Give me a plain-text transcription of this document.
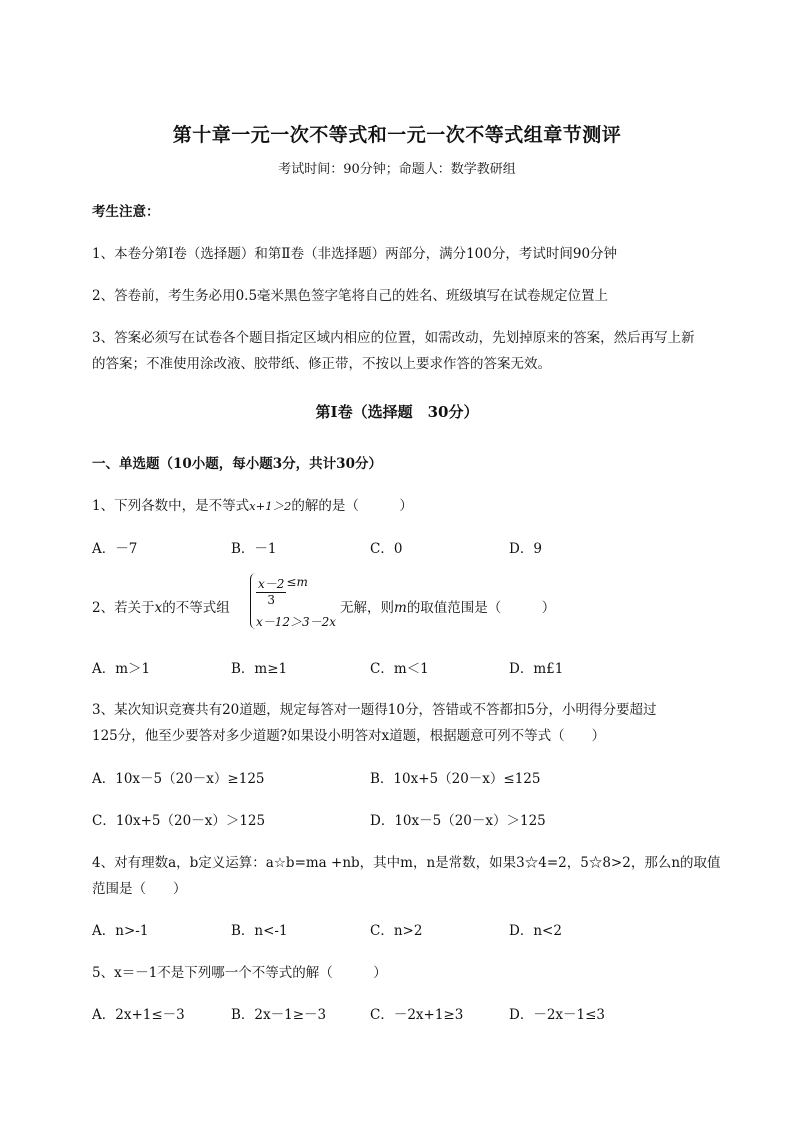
第十章一元一次不等式和一元一次不等式组章节测评
考试时间：90分钟；命题人：数学教研组
考生注意：
1、本卷分第I卷（选择题）和第Ⅱ卷（非选择题）两部分，满分100分，考试时间90分钟
2、答卷前，考生务必用0.5毫米黑色签字笔将自己的姓名、班级填写在试卷规定位置上
3、答案必须写在试卷各个题目指定区域内相应的位置，如需改动，先划掉原来的答案，然后再写上新
的答案；不准使用涂改液、胶带纸、修正带，不按以上要求作答的答案无效。
第I卷（选择题　30分）
一、单选题（10小题，每小题3分，共计30分）
1、下列各数中，是不等式x+1＞2的解的是（　　　）
A．－7	B．－1	C．0	D．9
2、若关于x的不等式组
$\frac{x-2}{3} \le m$
x－12＞3－2x
无解，则m的取值范围是（　　　）
A．m＞1	B．m≥1	C．m＜1	D．m£1
3、某次知识竞赛共有20道题，规定每答对一题得10分，答错或不答都扣5分，小明得分要超过
125分，他至少要答对多少道题?如果设小明答对x道题，根据题意可列不等式（　　）
A．10x－5（20－x）≥125	B．10x+5（20－x）≤125
C．10x+5（20－x）＞125	D．10x－5（20－x）＞125
4、对有理数a，b定义运算：a☆b=ma +nb，其中m，n是常数，如果3☆4=2，5☆8>2，那么n的取值
范围是（　　）
A．n>-1	B．n<-1	C．n>2	D．n<2
5、x＝－1不是下列哪一个不等式的解（　　　）
A．2x+1≤－3	B．2x－1≥－3	C．－2x+1≥3	D．－2x－1≤3
